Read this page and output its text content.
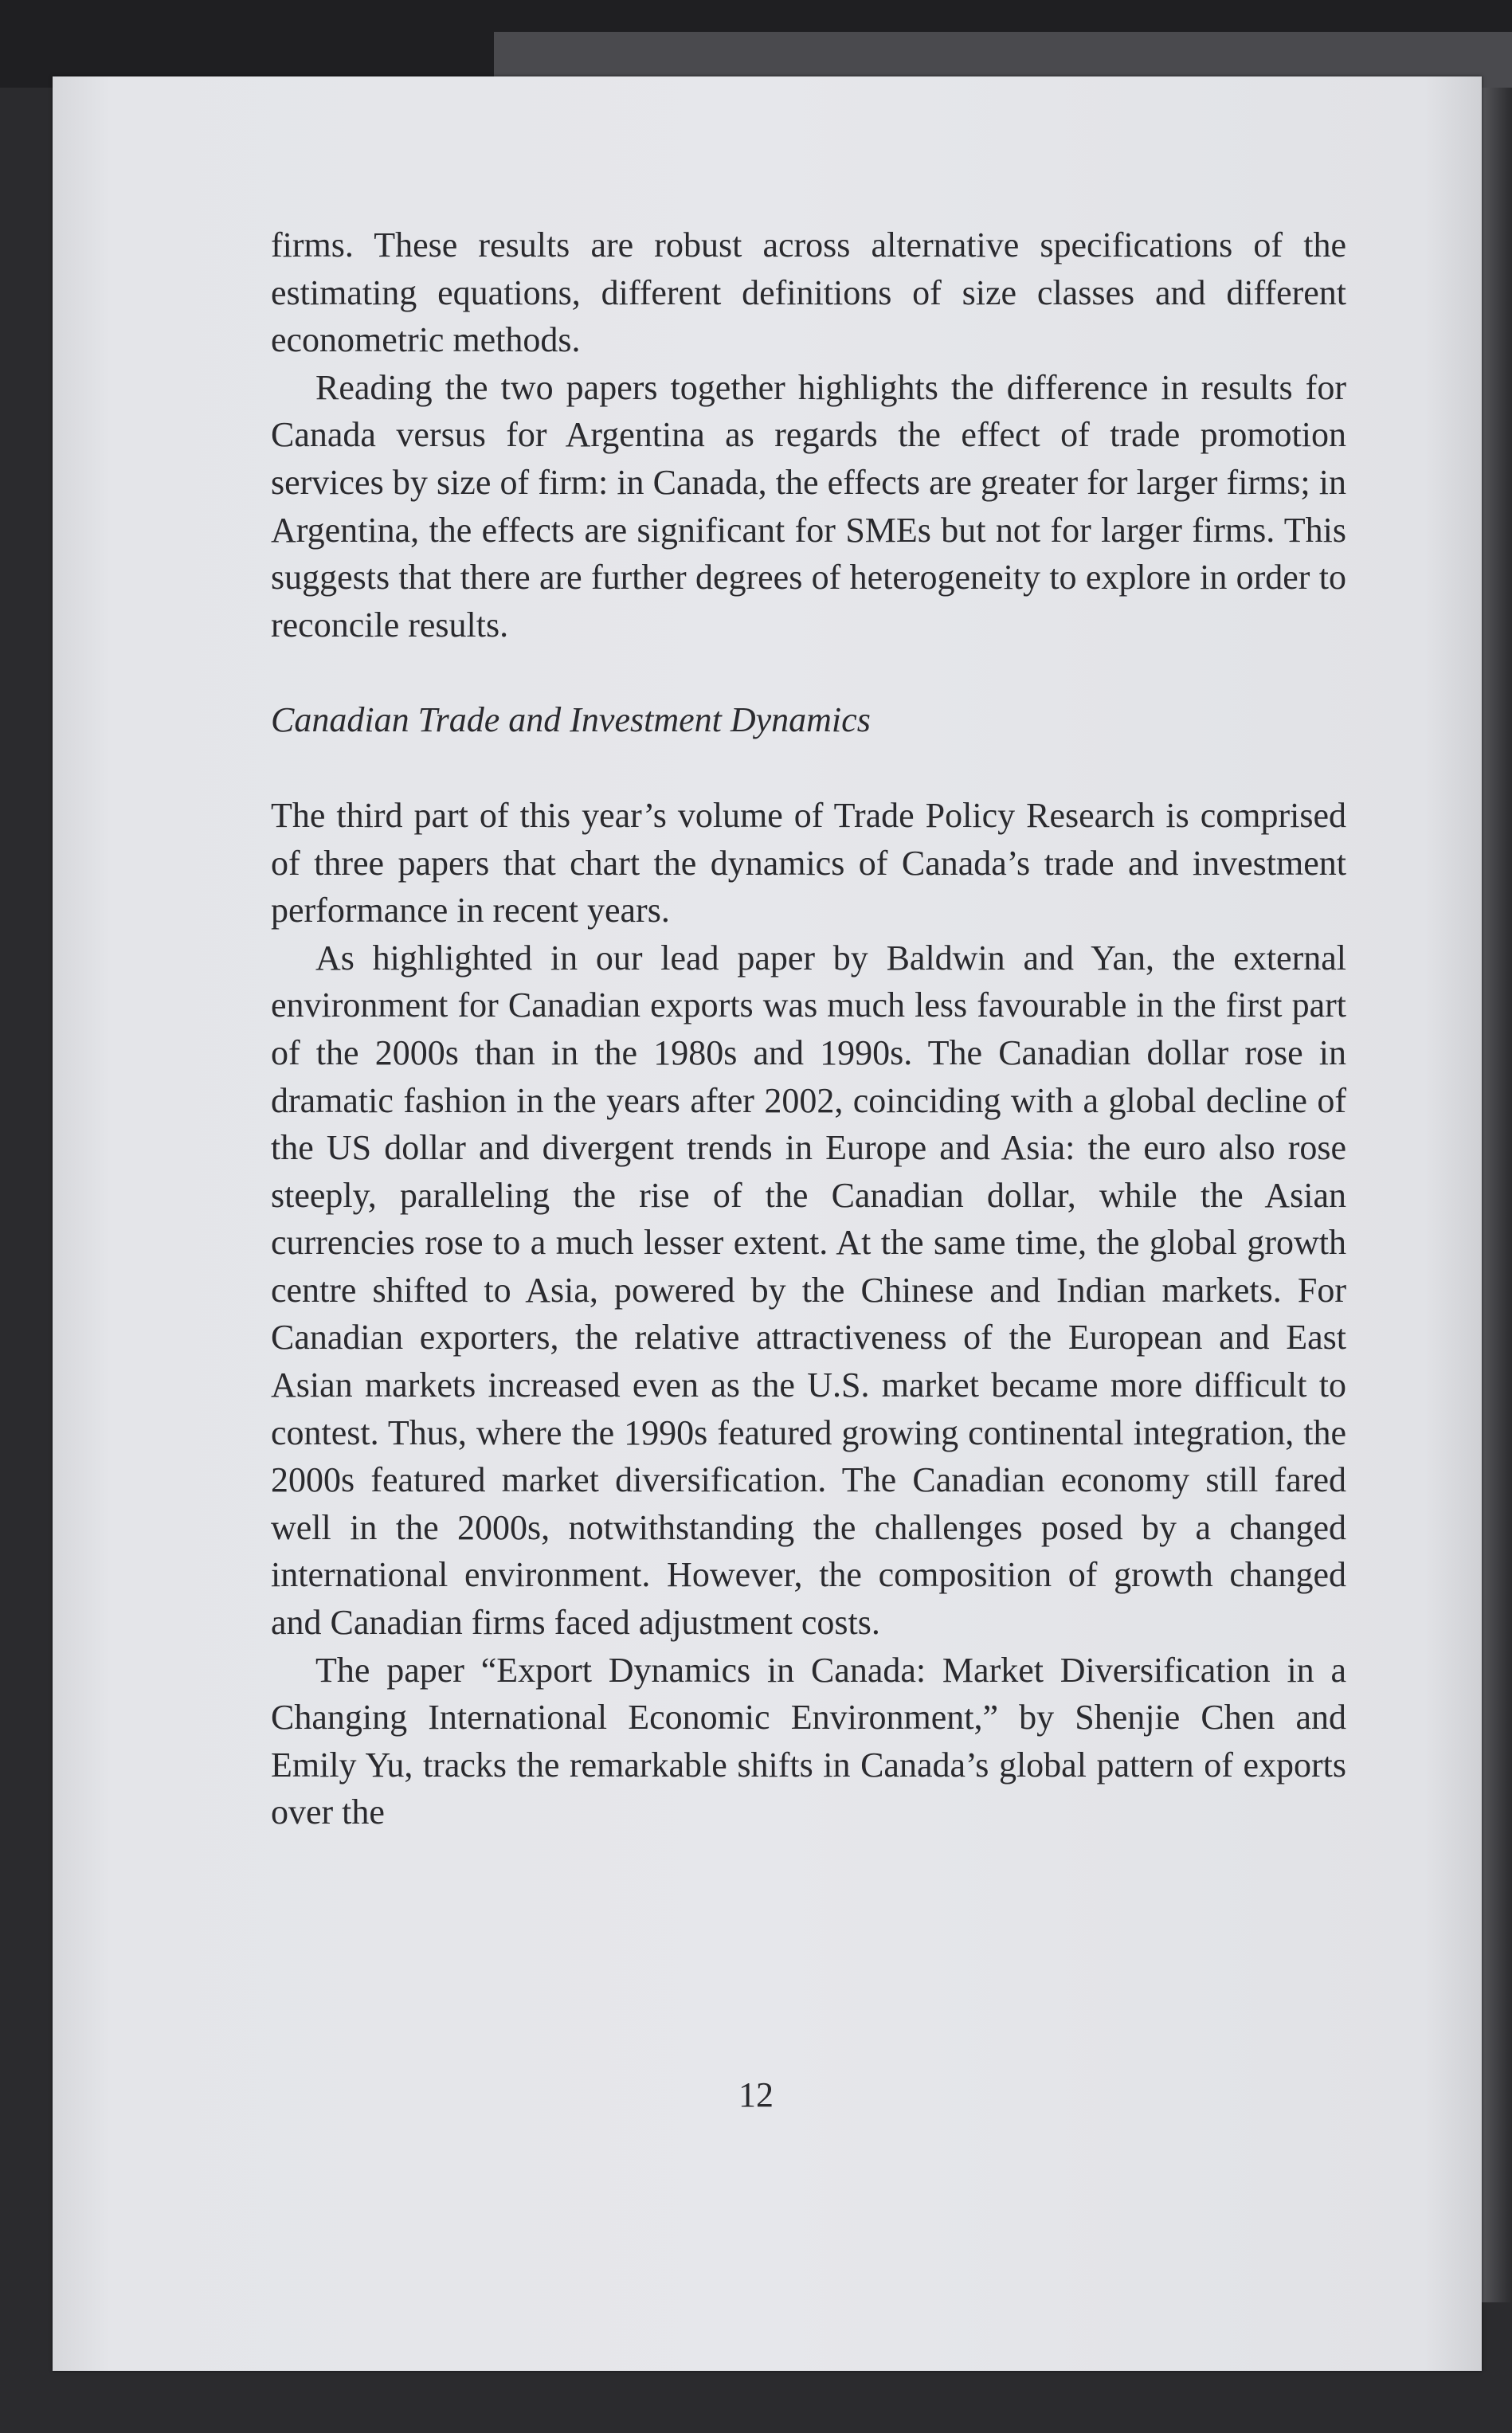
firms. These results are robust across alternative specifications of the estimating equations, different definitions of size classes and different econometric methods.

Reading the two papers together highlights the difference in results for Canada versus for Argentina as regards the effect of trade promotion services by size of firm: in Canada, the effects are greater for larger firms; in Argentina, the effects are significant for SMEs but not for larger firms. This suggests that there are further degrees of heterogeneity to explore in order to reconcile results.

Canadian Trade and Investment Dynamics

The third part of this year’s volume of Trade Policy Research is comprised of three papers that chart the dynamics of Canada’s trade and investment performance in recent years.

As highlighted in our lead paper by Baldwin and Yan, the external environment for Canadian exports was much less favourable in the first part of the 2000s than in the 1980s and 1990s. The Canadian dollar rose in dramatic fashion in the years after 2002, coinciding with a global decline of the US dollar and divergent trends in Europe and Asia: the euro also rose steeply, paralleling the rise of the Canadian dollar, while the Asian currencies rose to a much lesser extent. At the same time, the global growth centre shifted to Asia, powered by the Chinese and Indian markets. For Canadian exporters, the relative attractiveness of the European and East Asian markets increased even as the U.S. market became more difficult to contest. Thus, where the 1990s featured growing continental integration, the 2000s featured market diversification. The Canadian economy still fared well in the 2000s, notwithstanding the challenges posed by a changed international environment. However, the composition of growth changed and Canadian firms faced adjustment costs.

The paper “Export Dynamics in Canada: Market Diversification in a Changing International Economic Environment,” by Shenjie Chen and Emily Yu, tracks the remarkable shifts in Canada’s global pattern of exports over the

12
